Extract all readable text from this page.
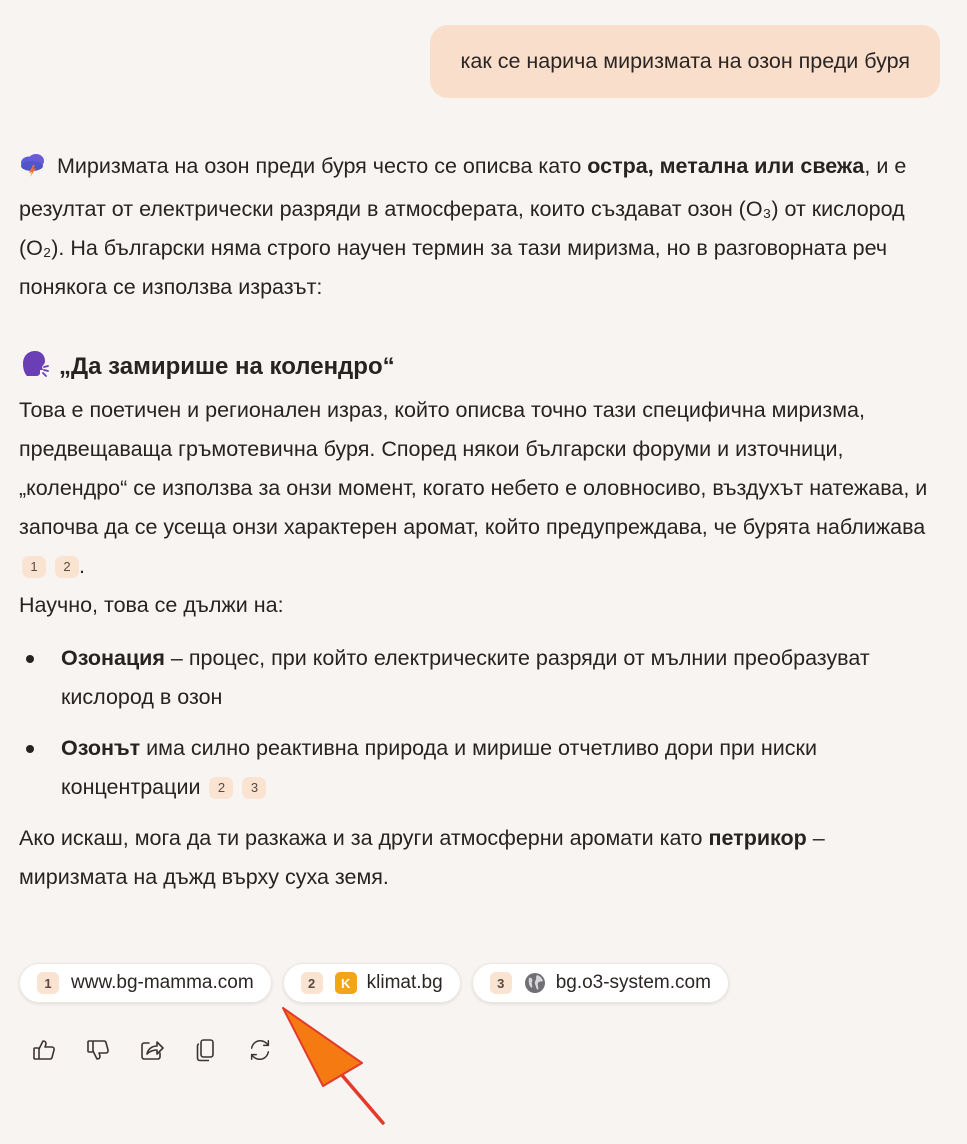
как се нарича миризмата на озон преди буря

Миризмата на озон преди буря често се описва като остра, метална или свежа, и е резултат от електрически разряди в атмосферата, които създават озон (O₃) от кислород (O₂). На български няма строго научен термин за тази миризма, но в разговорната реч понякога се използва изразът:

„Да замирише на колендро“

Това е поетичен и регионален израз, който описва точно тази специфична миризма, предвещаваща гръмотевична буря. Според някои български форуми и източници, „колендро“ се използва за онзи момент, когато небето е оловносиво, въздухът натежава, и започва да се усеща онзи характерен аромат, който предупреждава, че бурята наближава 1 2 .

Научно, това се дължи на:

Озонация – процес, при който електрическите разряди от мълнии преобразуват кислород в озон
Озонът има силно реактивна природа и мирише отчетливо дори при ниски концентрации 2 3

Ако искаш, мога да ти разкажа и за други атмосферни аромати като петрикор – миризмата на дъжд върху суха земя.

1	www.bg-mamma.com	2	K klimat.bg	3	bg.o3-system.com
